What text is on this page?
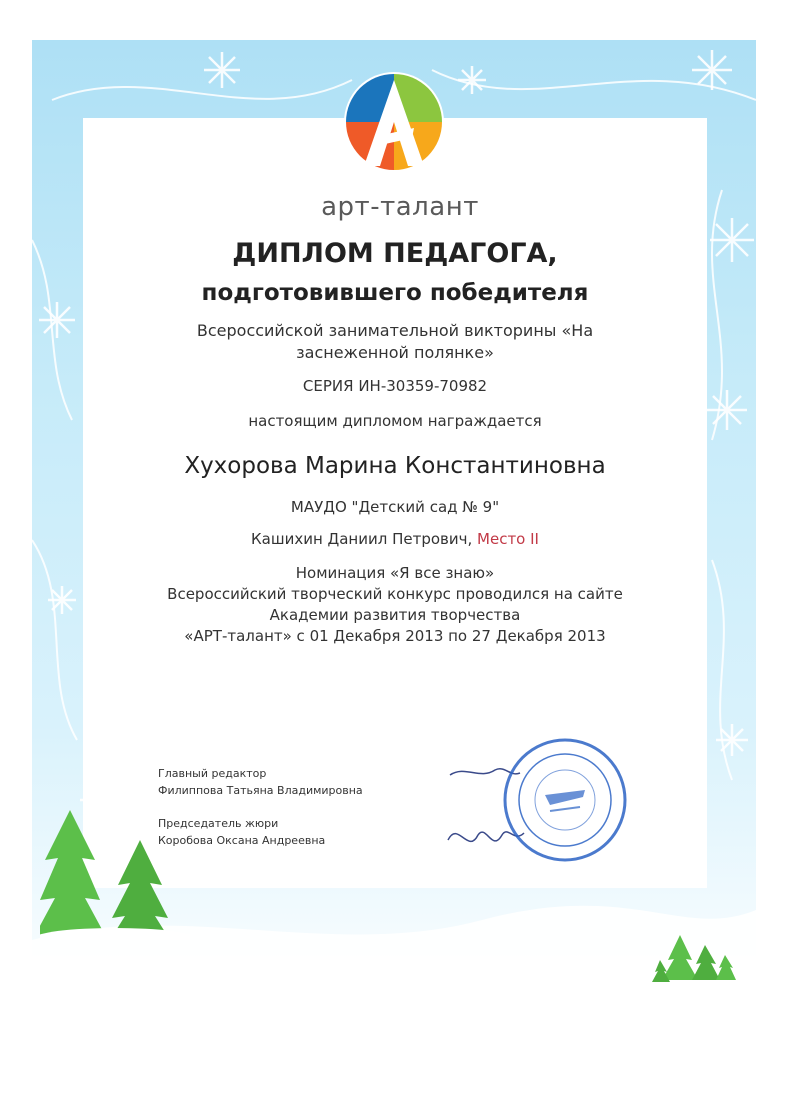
арт-талант
ДИПЛОМ ПЕДАГОГА,
подготовившего победителя
Всероссийской занимательной викторины «На заснеженной полянке»
СЕРИЯ ИН-30359-70982
настоящим дипломом награждается
Хухорова Марина Константиновна
МАУДО "Детский сад № 9"
Кашихин Даниил Петрович, Место II
Номинация «Я все знаю»
Всероссийский творческий конкурс проводился на сайте
Академии развития творчества
«АРТ-талант» с 01 Декабря 2013 по 27 Декабря 2013
Главный редактор
Филиппова Татьяна Владимировна
Председатель жюри
Коробова Оксана Андреевна
